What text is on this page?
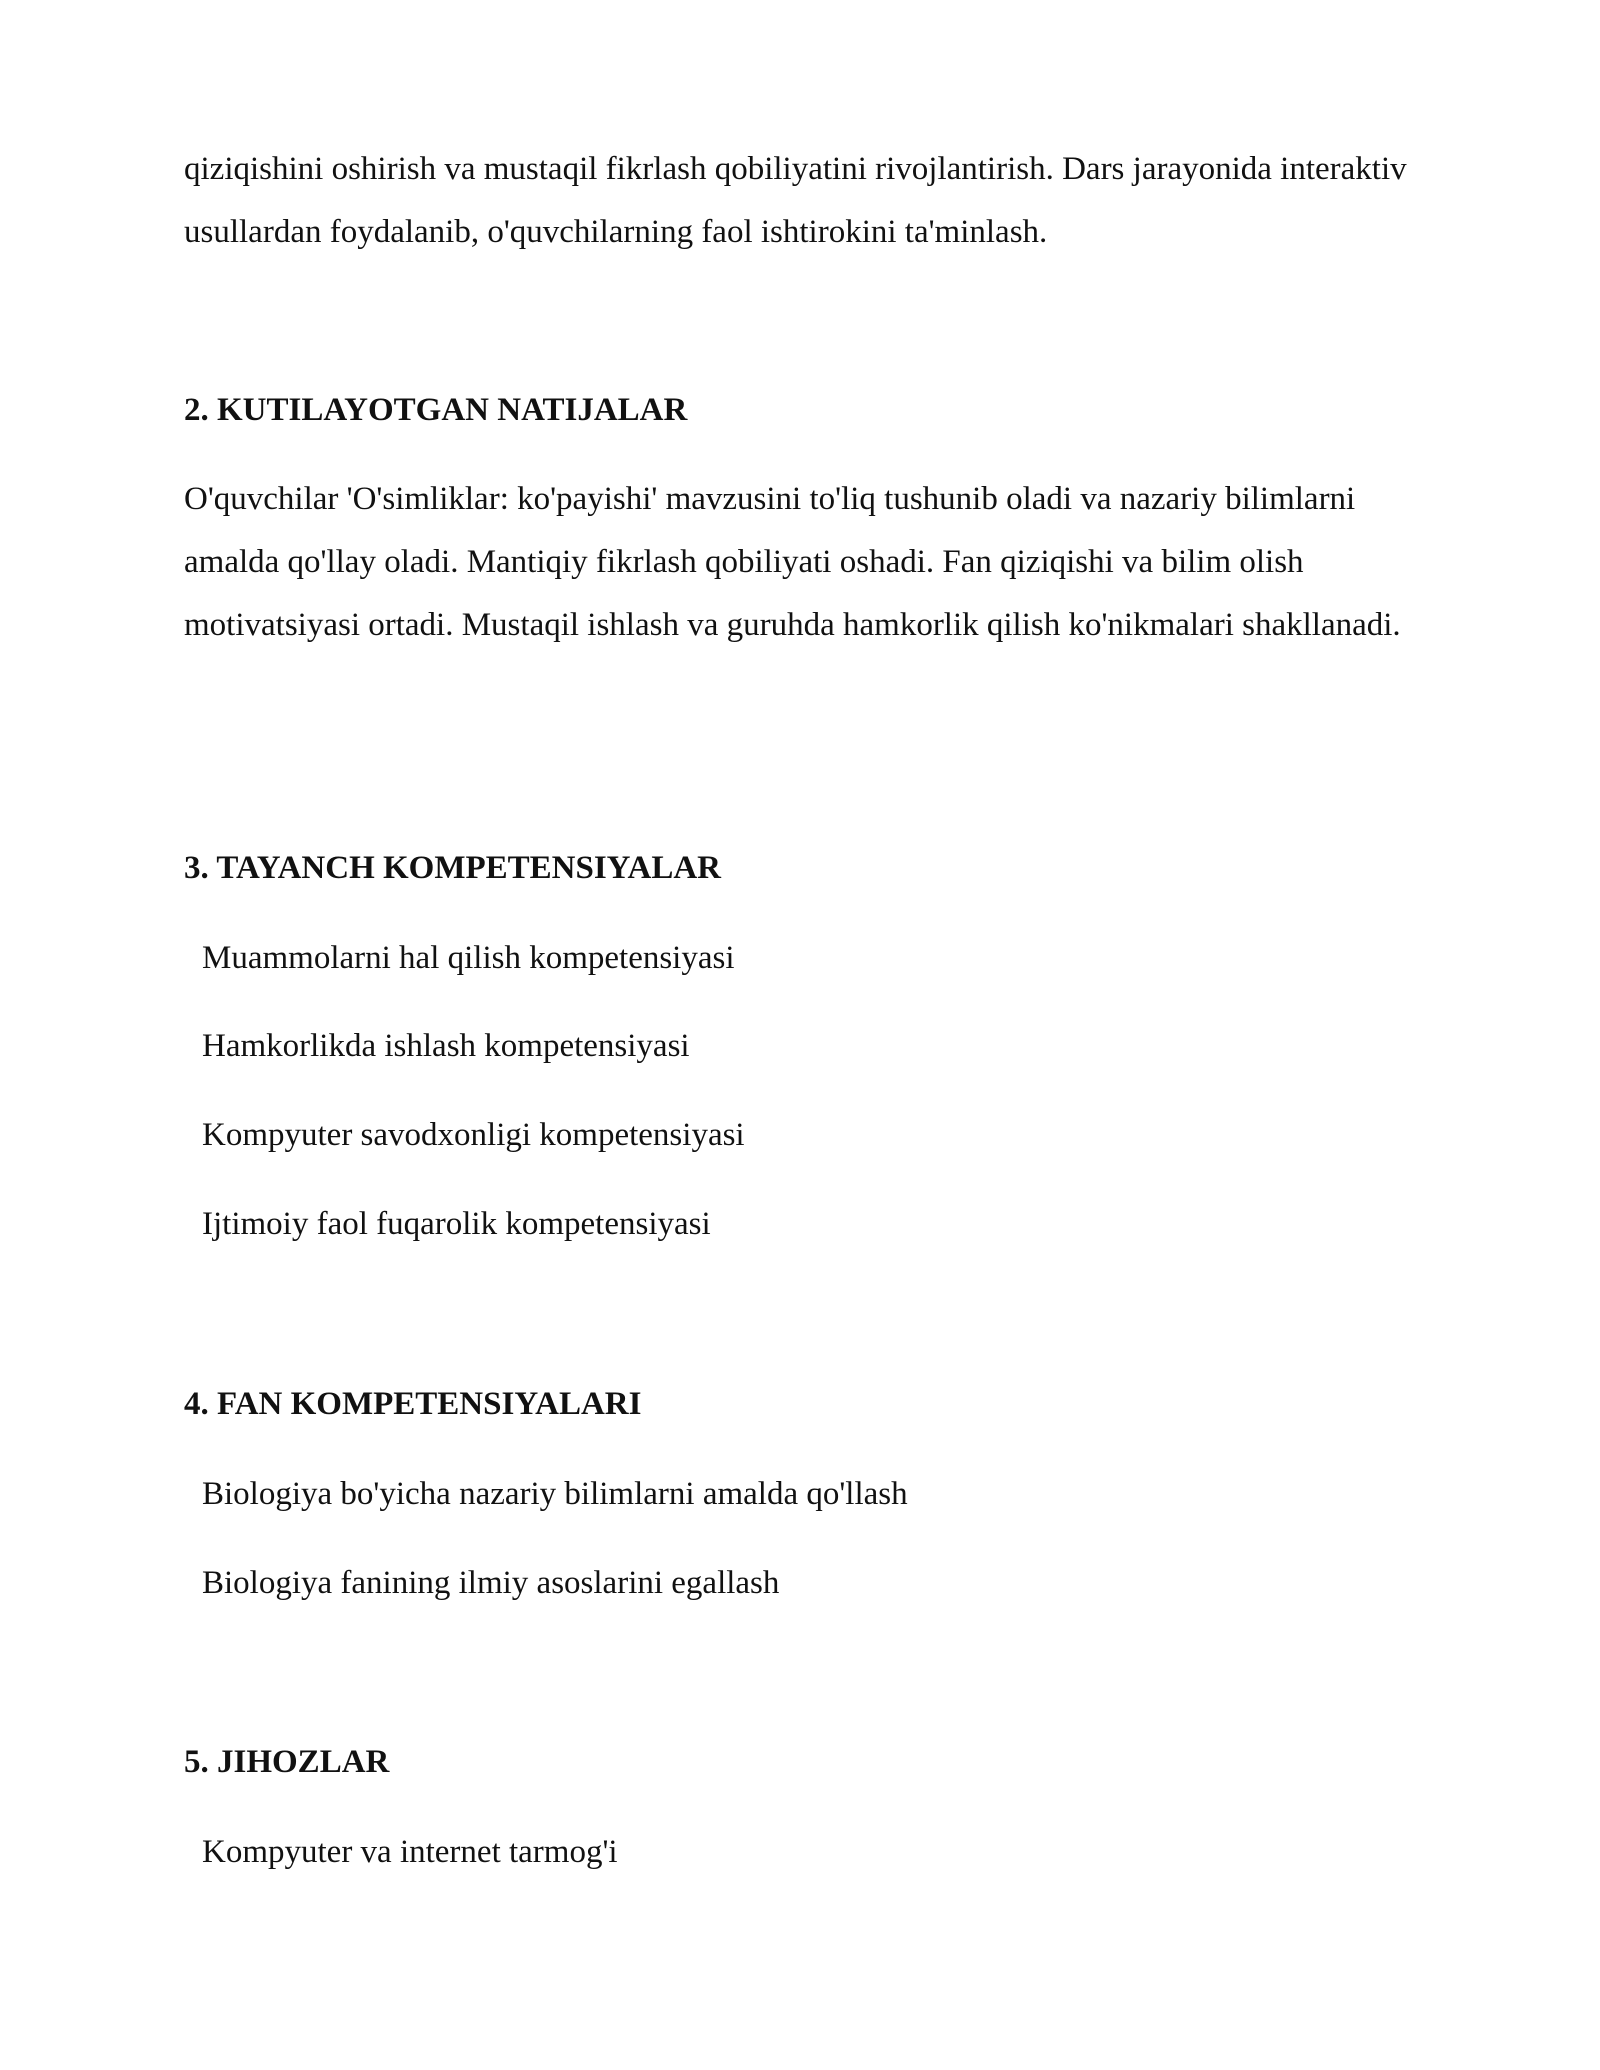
qiziqishini oshirish va mustaqil fikrlash qobiliyatini rivojlantirish. Dars jarayonida interaktiv usullardan foydalanib, o'quvchilarning faol ishtirokini ta'minlash.

2. KUTILAYOTGAN NATIJALAR

O'quvchilar 'O'simliklar: ko'payishi' mavzusini to'liq tushunib oladi va nazariy bilimlarni amalda qo'llay oladi. Mantiqiy fikrlash qobiliyati oshadi. Fan qiziqishi va bilim olish motivatsiyasi ortadi. Mustaqil ishlash va guruhda hamkorlik qilish ko'nikmalari shakllanadi.

3. TAYANCH KOMPETENSIYALAR
Muammolarni hal qilish kompetensiyasi
Hamkorlikda ishlash kompetensiyasi
Kompyuter savodxonligi kompetensiyasi
Ijtimoiy faol fuqarolik kompetensiyasi
4. FAN KOMPETENSIYALARI
Biologiya bo'yicha nazariy bilimlarni amalda qo'llash
Biologiya fanining ilmiy asoslarini egallash
5. JIHOZLAR
Kompyuter va internet tarmog'i
